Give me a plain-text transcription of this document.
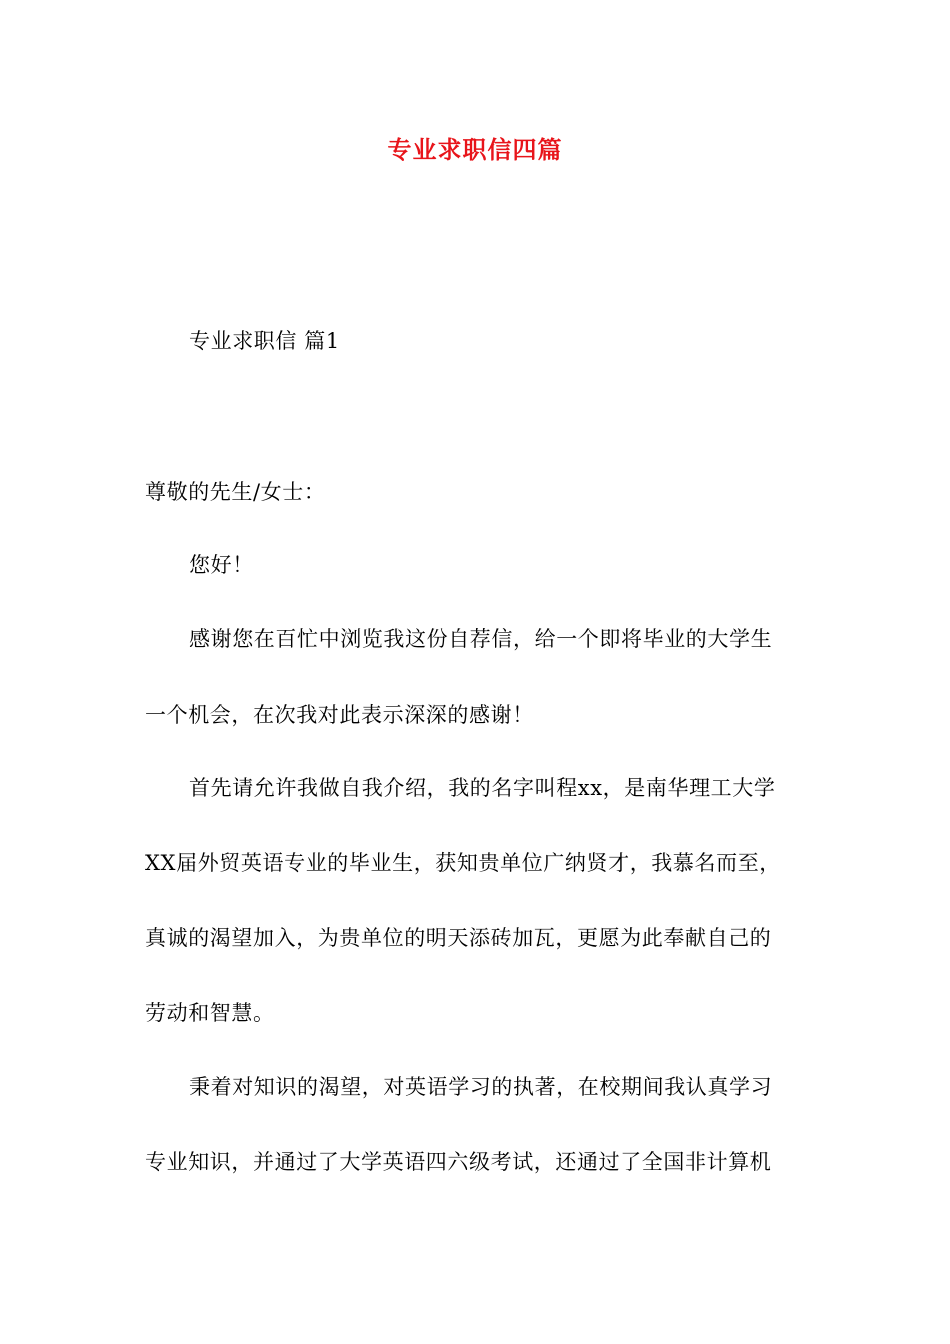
专业求职信四篇
专业求职信 篇1
尊敬的先生/女士：
您好！
感谢您在百忙中浏览我这份自荐信，给一个即将毕业的大学生
一个机会，在次我对此表示深深的感谢！
首先请允许我做自我介绍，我的名字叫程xx，是南华理工大学
XX届外贸英语专业的毕业生，获知贵单位广纳贤才，我慕名而至，
真诚的渴望加入，为贵单位的明天添砖加瓦，更愿为此奉献自己的
劳动和智慧。
秉着对知识的渴望，对英语学习的执著，在校期间我认真学习
专业知识，并通过了大学英语四六级考试，还通过了全国非计算机
